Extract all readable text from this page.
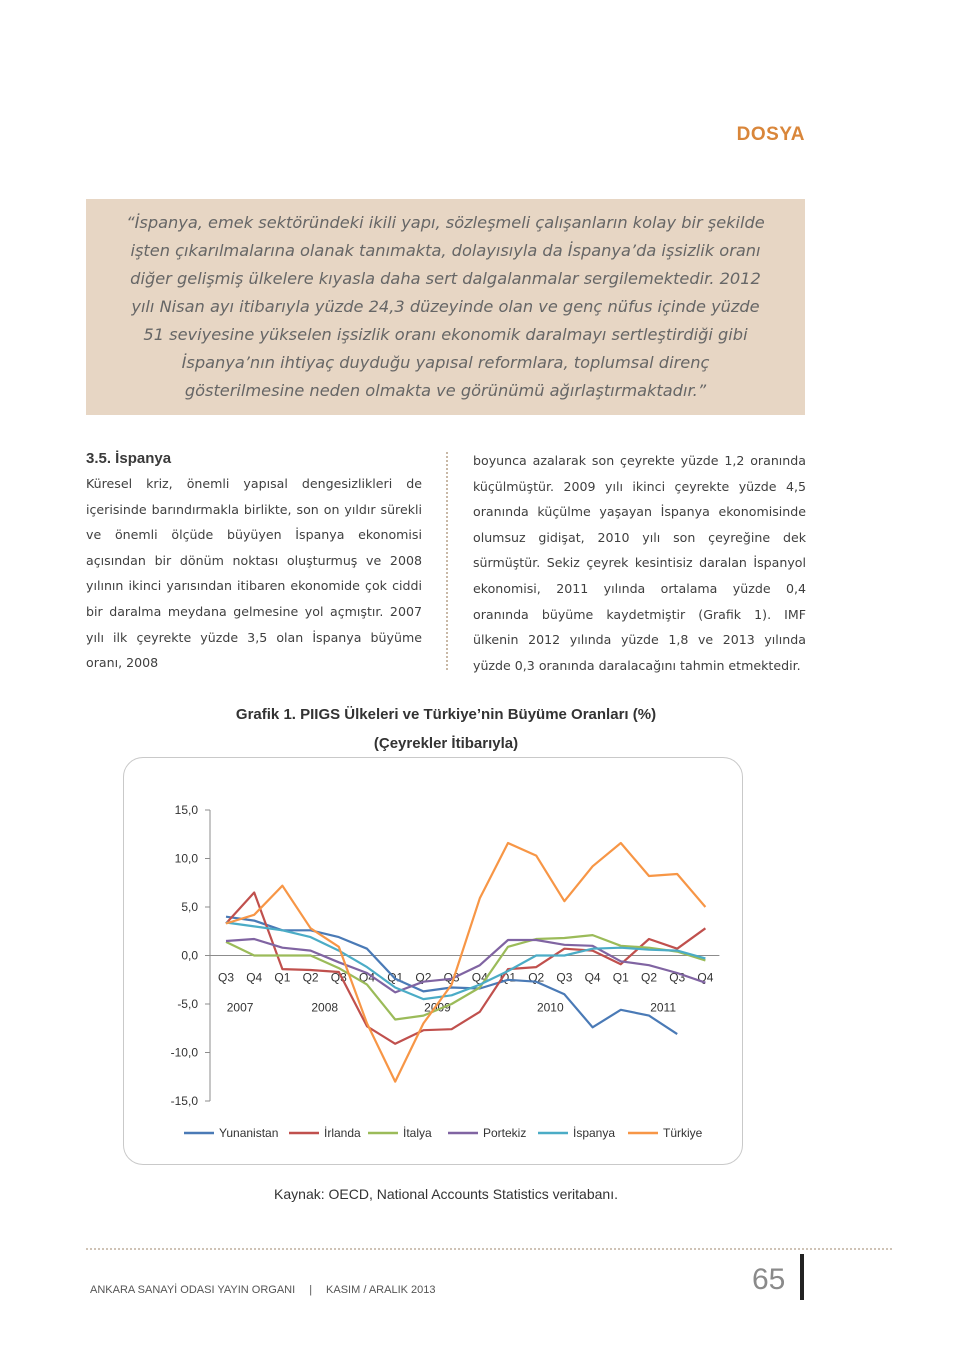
DOSYA

“İspanya, emek sektöründeki ikili yapı, sözleşmeli çalışanların kolay bir şekilde işten çıkarılmalarına olanak tanımakta, dolayısıyla da İspanya’da işsizlik oranı diğer gelişmiş ülkelere kıyasla daha sert dalgalanmalar sergilemektedir. 2012 yılı Nisan ayı itibarıyla yüzde 24,3 düzeyinde olan ve genç nüfus içinde yüzde 51 seviyesine yükselen işsizlik oranı ekonomik daralmayı sertleştirdiği gibi İspanya’nın ihtiyaç duyduğu yapısal reformlara, toplumsal direnç gösterilmesine neden olmakta ve görünümü ağırlaştırmaktadır.”

3.5. İspanya

Küresel kriz, önemli yapısal dengesizlikleri de içerisinde barındırmakla birlikte, son on yıldır sürekli ve önemli ölçüde büyüyen İspanya ekonomisi açısından bir dönüm noktası oluşturmuş ve 2008 yılının ikinci yarısından itibaren ekonomide çok ciddi bir daralma meydana gelmesine yol açmıştır. 2007 yılı ilk çeyrekte yüzde 3,5 olan İspanya büyüme oranı, 2008

boyunca azalarak son çeyrekte yüzde 1,2 oranında küçülmüştür. 2009 yılı ikinci çeyrekte yüzde 4,5 oranında küçülme yaşayan İspanya ekonomisinde olumsuz gidişat, 2010 yılı son çeyreğine dek sürmüştür. Sekiz çeyrek kesintisiz daralan İspanyol ekonomisi, 2011 yılında ortalama yüzde 0,4 oranında büyüme kaydetmiştir (Grafik 1). IMF ülkenin 2012 yılında yüzde 1,8 ve 2013 yılında yüzde 0,3 oranında daralacağını tahmin etmektedir.

Grafik 1. PIIGS Ülkeleri ve Türkiye’nin Büyüme Oranları (%)

(Çeyrekler İtibarıyla)

15,0
10,0
5,0
0,0
-5,0
-10,0
-15,0
Q3 Q4 Q1 Q2 Q3 Q4 Q1 Q2 Q3 Q4 Q1 Q2 Q3 Q4 Q1 Q2 Q3 Q4
2007	2008	2009	2010	2011
Yunanistan	İrlanda	İtalya	Portekiz	İspanya	Türkiye

Kaynak: OECD, National Accounts Statistics veritabanı.

ANKARA SANAYİ ODASI YAYIN ORGANI | KASIM / ARALIK 2013	65
